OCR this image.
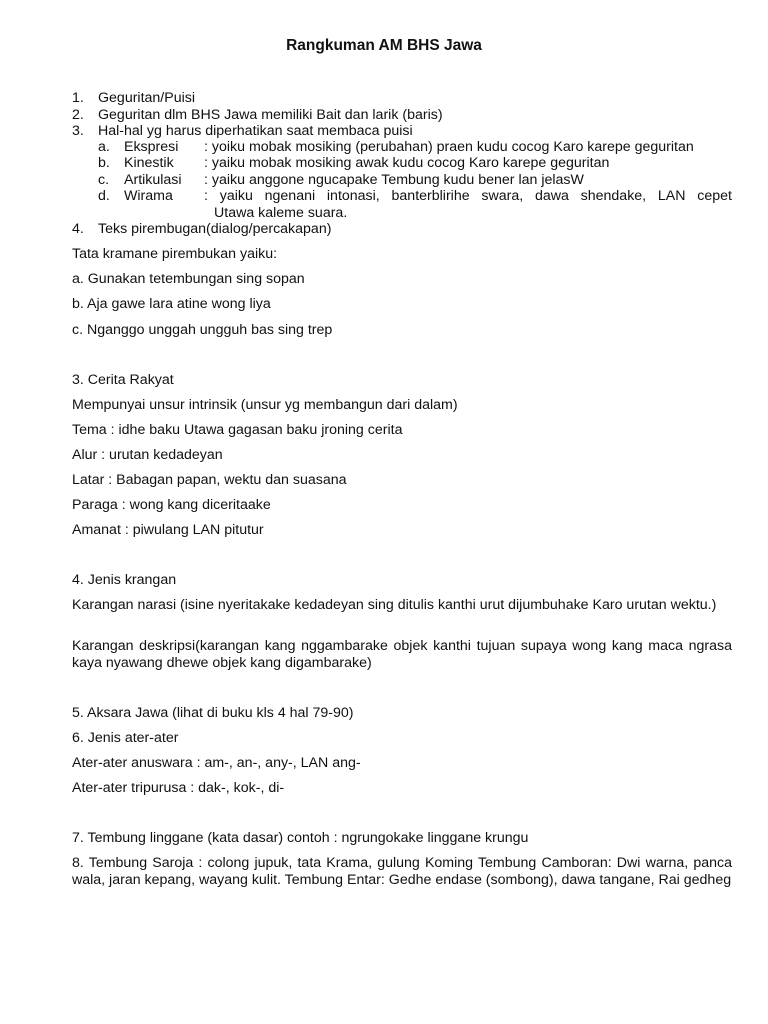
Rangkuman AM BHS Jawa
1. Geguritan/Puisi
2. Geguritan dlm BHS Jawa memiliki Bait dan larik (baris)
3. Hal-hal yg harus diperhatikan saat membaca puisi
a. Ekspresi : yoiku mobak mosiking (perubahan) praen kudu cocog Karo karepe geguritan
b. Kinestik : yaiku mobak mosiking awak kudu cocog Karo karepe geguritan
c. Artikulasi : yaiku anggone ngucapake Tembung kudu bener lan jelasW
d. Wirama : yaiku ngenani intonasi, banterblirihe swara, dawa shendake, LAN cepet
Utawa kaleme suara.
4. Teks pirembugan(dialog/percakapan)
Tata kramane pirembukan yaiku:
a. Gunakan tetembungan sing sopan
b. Aja gawe lara atine wong liya
c. Nganggo unggah ungguh bas sing trep
3. Cerita Rakyat
Mempunyai unsur intrinsik (unsur yg membangun dari dalam)
Tema : idhe baku Utawa gagasan baku jroning cerita
Alur : urutan kedadeyan
Latar : Babagan papan, wektu dan suasana
Paraga : wong kang diceritaake
Amanat : piwulang LAN pitutur
4. Jenis krangan
Karangan narasi (isine nyeritakake kedadeyan sing ditulis kanthi urut dijumbuhake Karo urutan wektu.)
Karangan deskripsi(karangan kang nggambarake objek kanthi tujuan supaya wong kang maca ngrasa kaya nyawang dhewe objek kang digambarake)
5. Aksara Jawa (lihat di buku kls 4 hal 79-90)
6. Jenis ater-ater
Ater-ater anuswara : am-, an-, any-, LAN ang-
Ater-ater tripurusa : dak-, kok-, di-
7. Tembung linggane (kata dasar) contoh : ngrungokake linggane krungu
8. Tembung Saroja : colong jupuk, tata Krama, gulung Koming Tembung Camboran: Dwi warna, panca wala, jaran kepang, wayang kulit. Tembung Entar: Gedhe endase (sombong), dawa tangane, Rai gedheg
